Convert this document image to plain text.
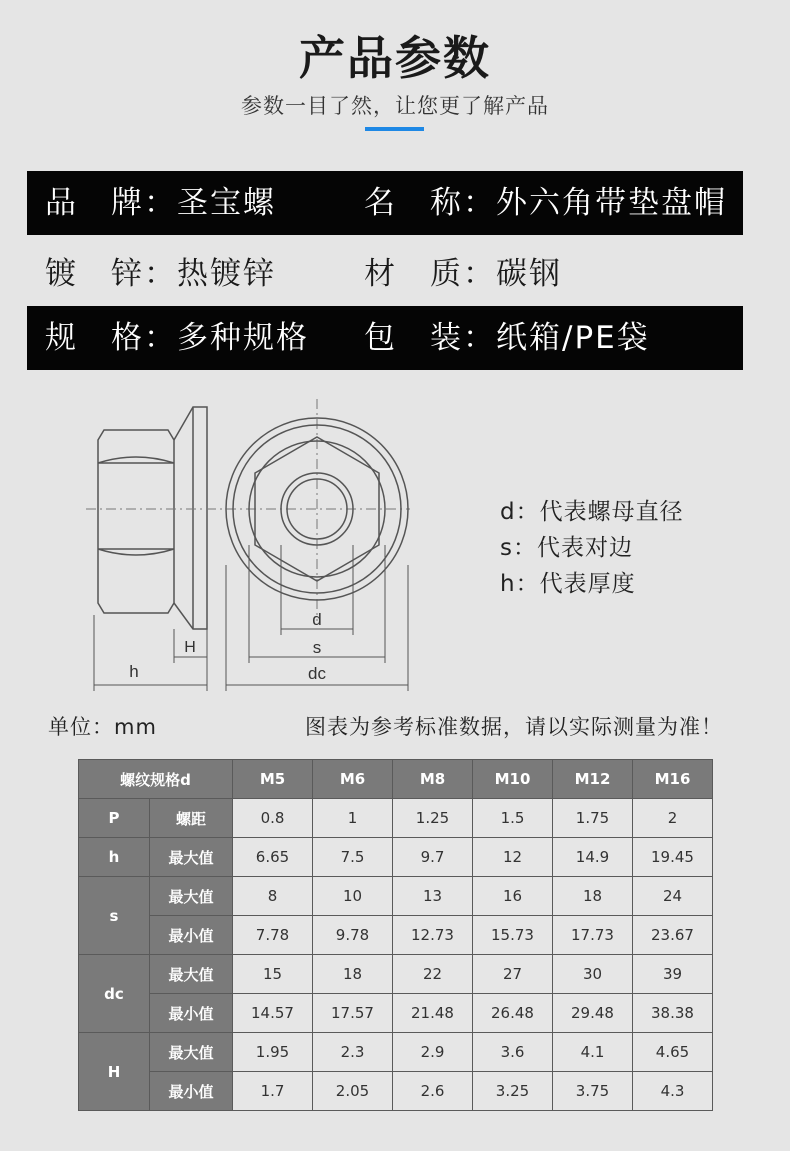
产品参数
参数一目了然，让您更了解产品
品　牌：圣宝螺	名　称：外六角带垫盘帽
镀　锌：热镀锌	材　质：碳钢
规　格：多种规格 包　装：纸箱/PE袋
d
s
dc
H
h
d：代表螺母直径
s：代表对边
h：代表厚度
单位：mm	图表为参考标准数据，请以实际测量为准！
螺纹规格d		M5	M6	M8	M10	M12	M16
P	螺距	0.8	1	1.25	1.5	1.75	2
h	最大值	6.65	7.5	9.7	12	14.9	19.45
s	最大值	8	10	13	16	18	24
	最小值	7.78	9.78	12.73	15.73	17.73	23.67
dc	最大值	15	18	22	27	30	39
	最小值	14.57	17.57	21.48	26.48	29.48	38.38
H	最大值	1.95	2.3	2.9	3.6	4.1	4.65
	最小值	1.7	2.05	2.6	3.25	3.75	4.3
